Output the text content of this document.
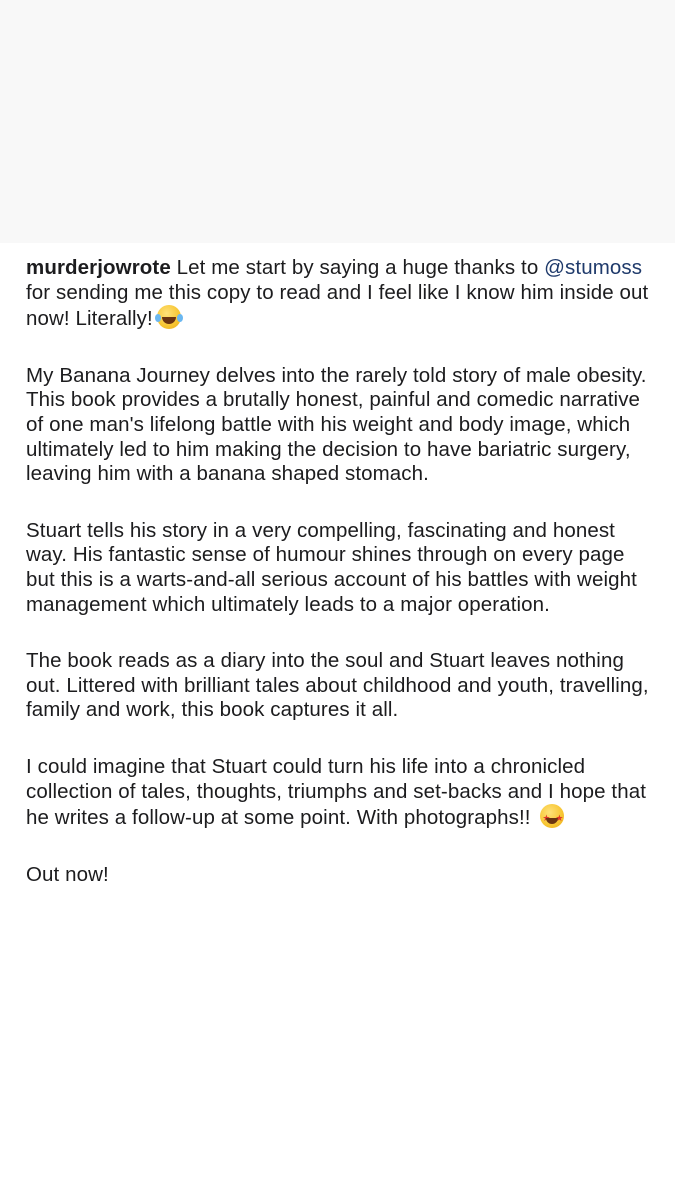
murderjowrote Let me start by saying a huge thanks to @stumoss for sending me this copy to read and I feel like I know him inside out now! Literally!

My Banana Journey delves into the rarely told story of male obesity. This book provides a brutally honest, painful and comedic narrative of one man's lifelong battle with his weight and body image, which ultimately led to him making the decision to have bariatric surgery, leaving him with a banana shaped stomach.

Stuart tells his story in a very compelling, fascinating and honest way. His fantastic sense of humour shines through on every page but this is a warts-and-all serious account of his battles with weight management which ultimately leads to a major operation.

The book reads as a diary into the soul and Stuart leaves nothing out. Littered with brilliant tales about childhood and youth, travelling, family and work, this book captures it all.

I could imagine that Stuart could turn his life into a chronicled collection of tales, thoughts, triumphs and set-backs and I hope that he writes a follow-up at some point. With photographs!! ★ ★

Out now!
